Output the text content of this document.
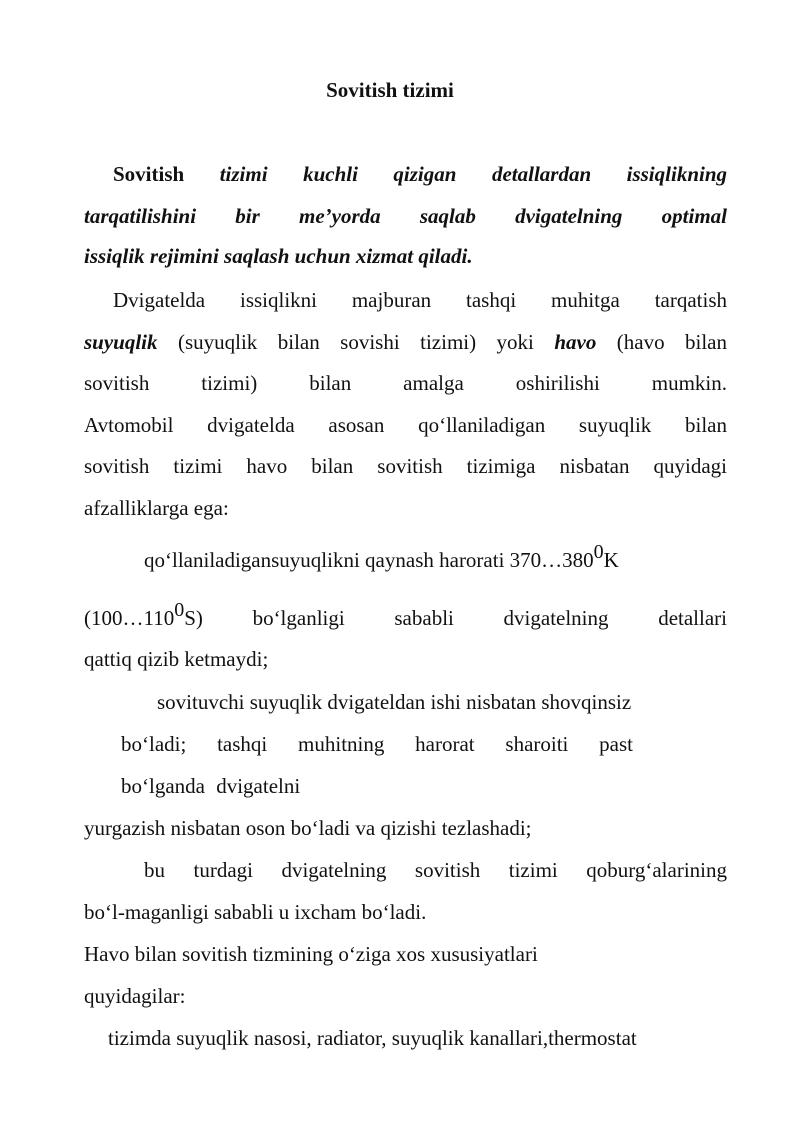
Sovitish tizimi
Sovitish tizimi kuchli qizigan detallardan issiqlikning
tarqatilishini bir me’yorda saqlab dvigatelning optimal
issiqlik rejimini saqlash uchun xizmat qiladi.
Dvigatelda issiqlikni majburan tashqi muhitga tarqatish
suyuqlik (suyuqlik bilan sovishi tizimi) yoki havo (havo bilan
sovitish tizimi) bilan amalga oshirilishi mumkin.
Avtomobil dvigatelda asosan qo‘llaniladigan suyuqlik bilan
sovitish tizimi havo bilan sovitish tizimiga nisbatan quyidagi
afzalliklarga ega:
qo‘llaniladigansuyuqlikni qaynash harorati 370…3800K
(100…1100S) bo‘lganligi sababli dvigatelning detallari
qattiq qizib ketmaydi;
sovituvchi suyuqlik dvigateldan ishi nisbatan shovqinsiz
bo‘ladi; tashqi muhitning harorat sharoiti past
bo‘lganda dvigatelni
yurgazish nisbatan oson bo‘ladi va qizishi tezlashadi;
bu turdagi dvigatelning sovitish tizimi qoburg‘alarining
bo‘l-maganligi sababli u ixcham bo‘ladi.
Havo bilan sovitish tizmining o‘ziga xos xususiyatlari
quyidagilar:
tizimda suyuqlik nasosi, radiator, suyuqlik kanallari,thermostat
